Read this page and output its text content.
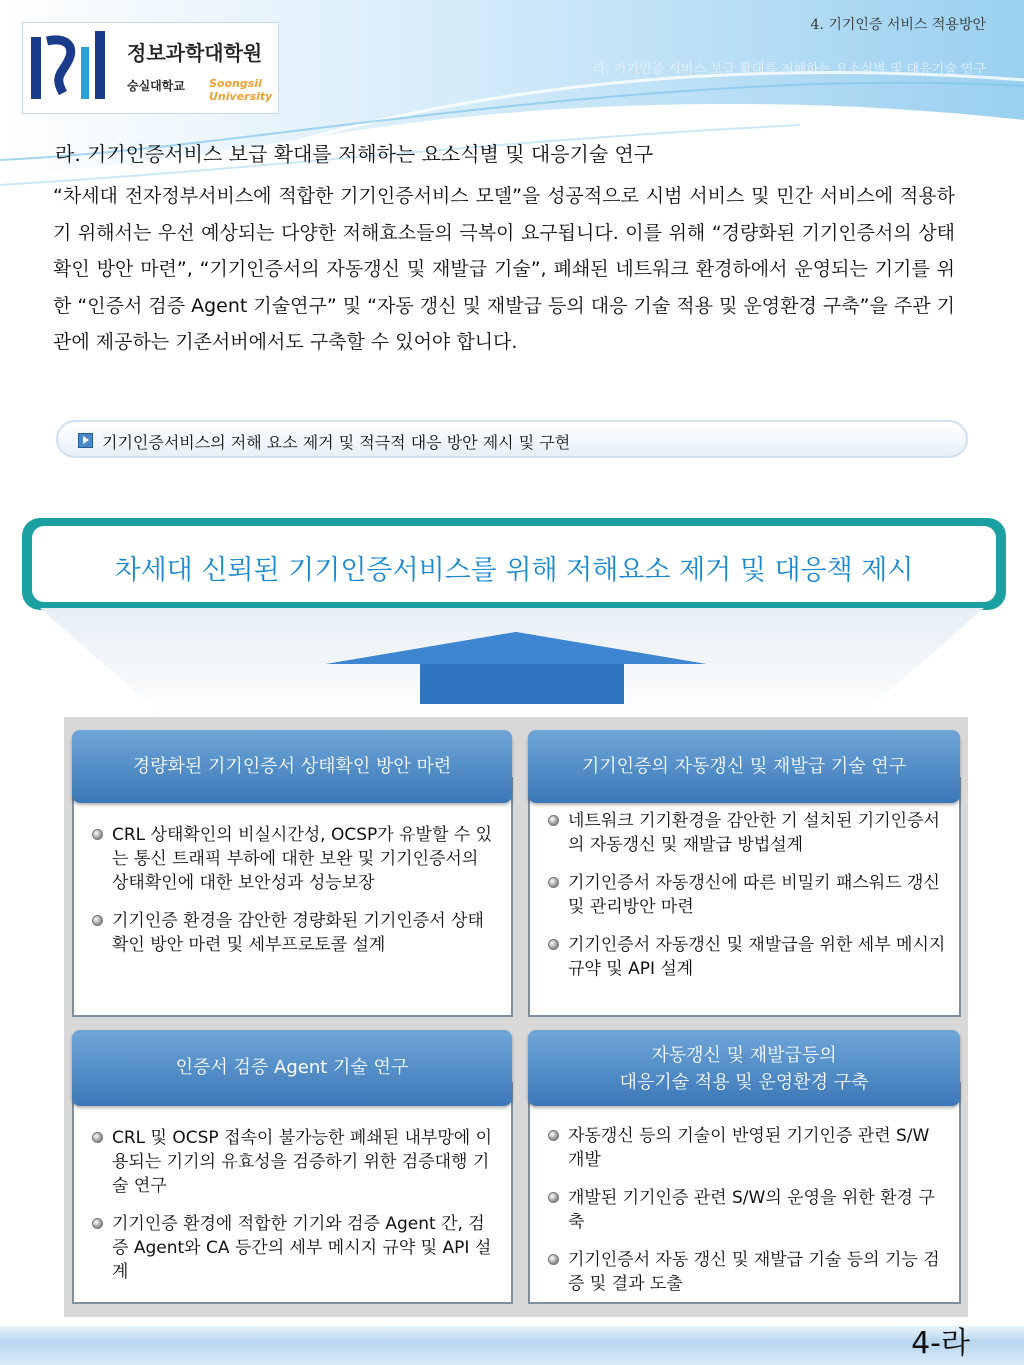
정보과학대학원
숭실대학교 Soongsil University
4. 기기인증 서비스 적용방안
라. 기기인증 서비스 보급 확대를 저해하는 요소식별 및 대응기술 연구
라. 기기인증서비스 보급 확대를 저해하는 요소식별 및 대응기술 연구
“차세대 전자정부서비스에 적합한 기기인증서비스 모델”을 성공적으로 시범 서비스 및 민간 서비스에 적용하기 위해서는 우선 예상되는 다양한 저해효소들의 극복이 요구됩니다. 이를 위해 “경량화된 기기인증서의 상태확인 방안 마련”, “기기인증서의 자동갱신 및 재발급 기술”, 폐쇄된 네트워크 환경하에서 운영되는 기기를 위한 “인증서 검증 Agent 기술연구” 및 “자동 갱신 및 재발급 등의 대응 기술 적용 및 운영환경 구축”을 주관 기관에 제공하는 기존서버에서도 구축할 수 있어야 합니다.
기기인증서비스의 저해 요소 제거 및 적극적 대응 방안 제시 및 구현
차세대 신뢰된 기기인증서비스를 위해 저해요소 제거 및 대응책 제시
CRL 상태확인의 비실시간성, OCSP가 유발할 수 있는 통신 트래픽 부하에 대한 보완 및 기기인증서의 상태확인에 대한 보안성과 성능보장
기기인증 환경을 감안한 경량화된 기기인증서 상태확인 방안 마련 및 세부프로토콜 설계
경량화된 기기인증서 상태확인 방안 마련
네트워크 기기환경을 감안한 기 설치된 기기인증서의 자동갱신 및 재발급 방법설계
기기인증서 자동갱신에 따른 비밀키 패스워드 갱신 및 관리방안 마련
기기인증서 자동갱신 및 재발급을 위한 세부 메시지 규약 및 API 설계
기기인증의 자동갱신 및 재발급 기술 연구
CRL 및 OCSP 접속이 불가능한 폐쇄된 내부망에 이용되는 기기의 유효성을 검증하기 위한 검증대행 기술 연구
기기인증 환경에 적합한 기기와 검증 Agent 간, 검증 Agent와 CA 등간의 세부 메시지 규약 및 API 설계
인증서 검증 Agent 기술 연구
자동갱신 등의 기술이 반영된 기기인증 관련 S/W 개발
개발된 기기인증 관련 S/W의 운영을 위한 환경 구축
기기인증서 자동 갱신 및 재발급 기술 등의 기능 검증 및 결과 도출
자동갱신 및 재발급등의
대응기술 적용 및 운영환경 구축
4-라
